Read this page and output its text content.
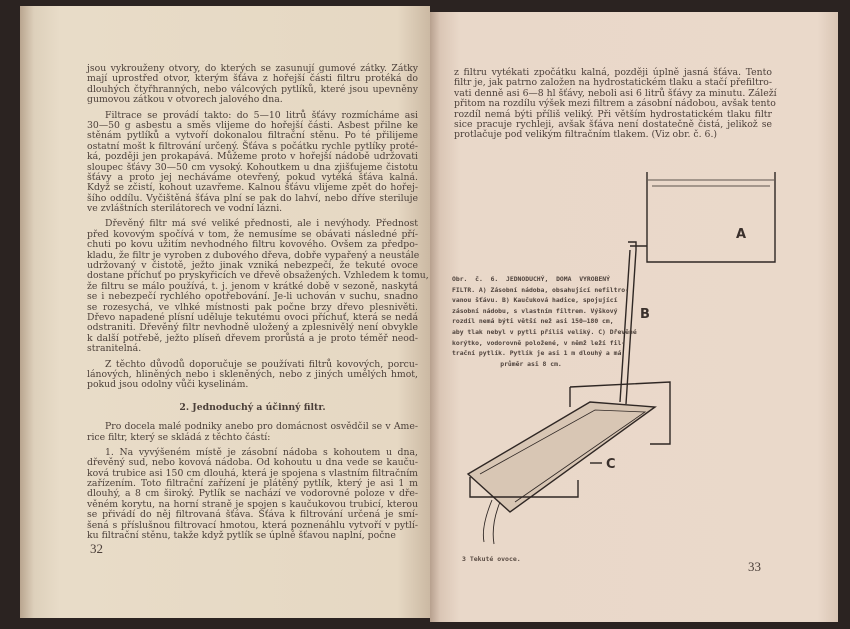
jsou vykrouženy otvory, do kterých se zasunují gumové zátky. Zátky
mají uprostřed otvor, kterým šťáva z hořejší části filtru protéká do
dlouhých čtyřhranných, nebo válcových pytlíků, které jsou upevněny
gumovou zátkou v otvorech jalového dna.
Filtrace se provádí takto: do 5—10 litrů šťávy rozmícháme asi
30—50 g asbestu a směs vlijeme do hořejší části. Asbest přilne ke
stěnám pytlíků a vytvoří dokonalou filtrační stěnu. Po té přilijeme
ostatní mošt k filtrování určený. Šťáva s počátku rychle pytlíky proté-
ká, později jen prokapává. Můžeme proto v hořejší nádobě udržovati
sloupec šťávy 30—50 cm vysoký. Kohoutkem u dna zjišťujeme čistotu
šťávy a proto jej necháváme otevřený, pokud vytéká šťáva kalná.
Když se zčistí, kohout uzavřeme. Kalnou šťávu vlijeme zpět do hořej-
šího oddílu. Vyčištěná šťáva plní se pak do lahví, nebo dříve steriluje
ve zvláštních sterilátorech ve vodní lázni.
Dřevěný filtr má své veliké přednosti, ale i nevýhody. Přednost
před kovovým spočívá v tom, že nemusíme se obávati následné pří-
chuti po kovu užitím nevhodného filtru kovového. Ovšem za předpo-
kladu, že filtr je vyroben z dubového dřeva, dobře vypařený a neustále
udržovaný v čistotě, ježto jinak vzniká nebezpečí, že tekuté ovoce
dostane příchuť po pryskyřicích ve dřevě obsažených. Vzhledem k tomu,
že filtru se málo používá, t. j. jenom v krátké době v sezoně, naskytá
se i nebezpečí rychlého opotřebování. Je-li uchován v suchu, snadno
se rozesychá, ve vlhké místnosti pak počne brzy dřevo plesnivěti.
Dřevo napadené plísní uděluje tekutému ovoci příchuť, která se nedá
odstraniti. Dřevěný filtr nevhodně uložený a zplesnivělý není obvykle
k další potřebě, ježto plíseň dřevem prorůstá a je proto téměř neod-
stranitelná.
Z těchto důvodů doporučuje se používati filtrů kovových, porcu-
lánových, hliněných nebo i skleněných, nebo z jiných umělých hmot,
pokud jsou odolny vůči kyselinám.
2. Jednoduchý a účinný filtr.
Pro docela malé podniky anebo pro domácnost osvědčil se v Ame-
rice filtr, který se skládá z těchto částí:
1. Na vyvýšeném místě je zásobní nádoba s kohoutem u dna,
dřevěný sud, nebo kovová nádoba. Od kohoutu u dna vede se kauču-
ková trubice asi 150 cm dlouhá, která je spojena s vlastním filtračním
zařízením. Toto filtrační zařízení je plátěný pytlík, který je asi 1 m
dlouhý, a 8 cm široký. Pytlík se nachází ve vodorovné poloze v dře-
věném korytu, na horní straně je spojen s kaučukovou trubicí, kterou
se přivádí do něj filtrovaná šťáva. Šťáva k filtrování určená je smí-
šená s příslušnou filtrovací hmotou, která poznenáhlu vytvoří v pytlí-
ku filtrační stěnu, takže když pytlík se úplně šťavou naplní, počne
32
z filtru vytékati zpočátku kalná, později úplně jasná šťáva. Tento
filtr je, jak patrno založen na hydrostatickém tlaku a stačí přefiltro-
vati denně asi 6—8 hl šťávy, neboli asi 6 litrů šťávy za minutu. Záleží
přitom na rozdílu výšek mezi filtrem a zásobní nádobou, avšak tento
rozdíl nemá býti příliš veliký. Při větším hydrostatickém tlaku filtr
sice pracuje rychleji, avšak šťáva není dostatečně čistá, jelikož se
protlačuje pod velikým filtračním tlakem. (Viz obr. č. 6.)
A
B
C
Obr. č. 6. JEDNODUCHÝ, DOMA VYROBENÝ
FILTR. A) Zásobní nádoba, obsahující nefiltro-
vanou šťávu. B) Kaučuková hadice, spojující
zásobní nádobu, s vlastním filtrem. Výškový
rozdíl nemá býti větší než asi 150—180 cm,
aby tlak nebyl v pytli příliš veliký. C) Dřevěné
korýtko, vodorovně položené, v němž leží fil-
trační pytlík. Pytlík je asi 1 m dlouhý a má
průměr asi 8 cm.
3 Tekuté ovoce.	33
